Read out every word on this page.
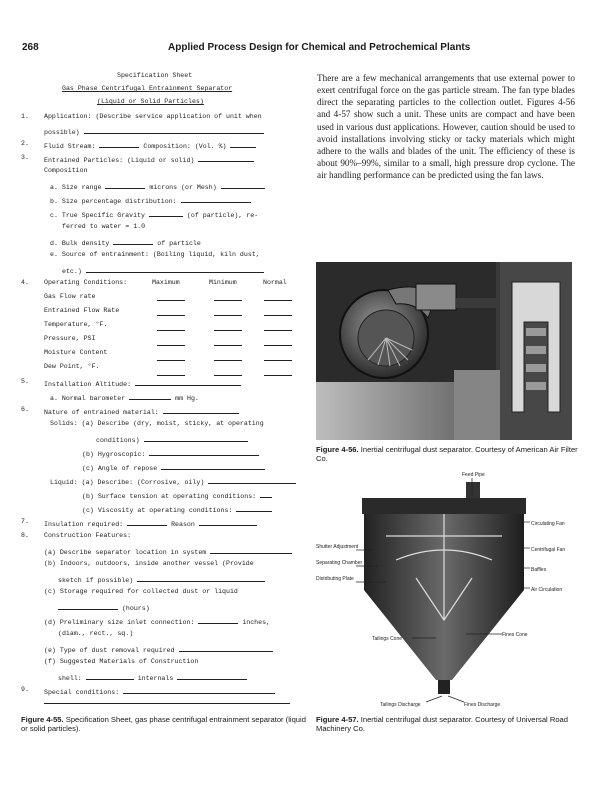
268	Applied Process Design for Chemical and Petrochemical Plants
Specification Sheet
Gas Phase Centrifugal Entrainment Separator
(Liquid or Solid Particles)
1. Application: (Describe service application of unit when
possible)
2. Fluid Stream:	Composition: (Vol. %)
3. Entrained Particles: (Liquid or solid)
Composition
a. Size range	microns (or Mesh)
b. Size percentage distribution:
c. True Specific Gravity	(of particle), re-
ferred to water = 1.0
d. Bulk density	of particle
e. Source of entrainment: (Boiling liquid, kiln dust,
etc.)
4. Operating Conditions:	Maximum	Minimum	Normal
Gas Flow rate
Entrained Flow Rate
Temperature, °F.
Pressure, PSI
Moisture Content
Dew Point, °F.
5. Installation Altitude:
a. Normal barometer	mm Hg.
6. Nature of entrained material:
Solids: (a) Describe (dry, moist, sticky, at operating
conditions)
(b) Hygroscopic:
(c) Angle of repose
Liquid: (a) Describe: (Corrosive, oily)
(b) Surface tension at operating conditions:
(c) Viscosity at operating conditions:
7. Insulation required:	Reason
8. Construction Features:
(a) Describe separator location in system
(b) Indoors, outdoors, inside another vessel (Provide
sketch if possible)
(c) Storage required for collected dust or liquid
(hours)
(d) Preliminary size inlet connection:	inches,
(diam., rect., sq.)
(e) Type of dust removal required
(f) Suggested Materials of Construction
shell:	internals
9. Special conditions:
Figure 4-55. Specification Sheet, gas phase centrifugal entrainment separator (liquid or solid particles).
There are a few mechanical arrangements that use external power to exert centrifugal force on the gas particle stream. The fan type blades direct the separating particles to the collection outlet. Figures 4-56 and 4-57 show such a unit. These units are compact and have been used in various dust applications. However, caution should be used to avoid installations involving sticky or tacky materials which might adhere to the walls and blades of the unit. The efficiency of these is about 90%–99%, similar to a small, high pressure drop cyclone. The air handling performance can be predicted using the fan laws.
Figure 4-56. Inertial centrifugal dust separator. Courtesy of American Air Filter Co.
Feed Pipe
Shutter Adjustment
Separating Chamber
Distributing Plate
Tailings Cone
Fines Cone
Tailings Discharge	Fines Discharge
Circulating Fan
Centrifugal Fan
Baffles
Air Circulation
Figure 4-57. Inertial centrifugal dust separator. Courtesy of Universal Road Machinery Co.
